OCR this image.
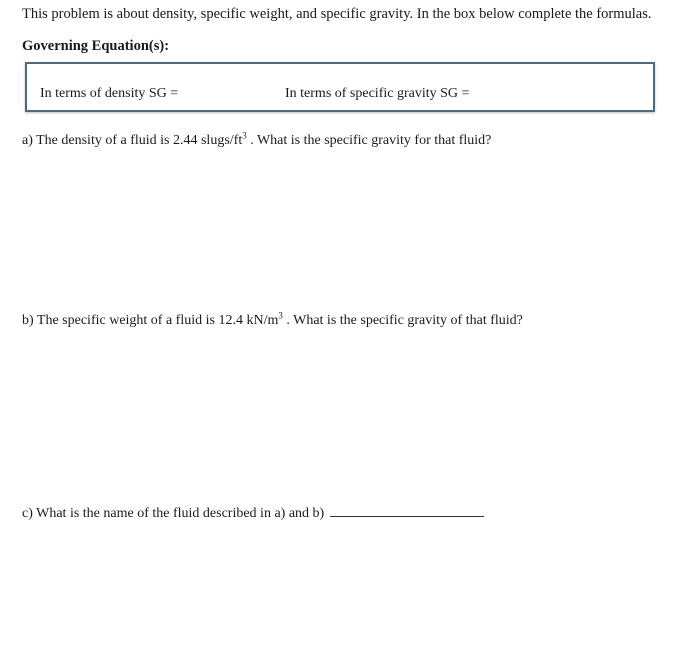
This problem is about density, specific weight, and specific gravity. In the box below complete the formulas.
Governing Equation(s):
In terms of density SG =	In terms of specific gravity SG =
a) The density of a fluid is 2.44 slugs/$ft^3$ . What is the specific gravity for that fluid?
b) The specific weight of a fluid is 12.4 $kN/m^3$ . What is the specific gravity of that fluid?
c) What is the name of the fluid described in a) and b)
